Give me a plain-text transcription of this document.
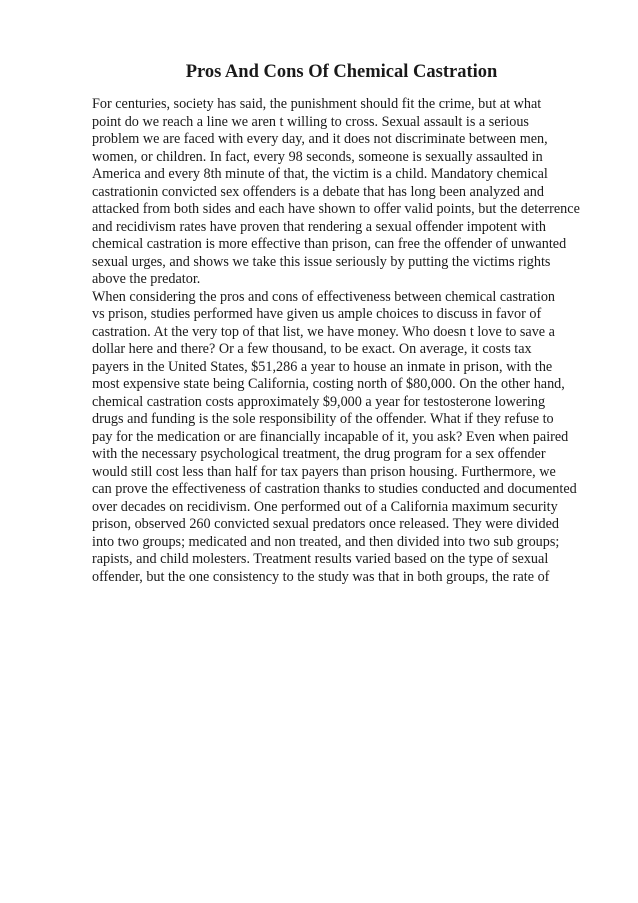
Pros And Cons Of Chemical Castration
For centuries, society has said, the punishment should fit the crime, but at what
point do we reach a line we aren t willing to cross. Sexual assault is a serious
problem we are faced with every day, and it does not discriminate between men,
women, or children. In fact, every 98 seconds, someone is sexually assaulted in
America and every 8th minute of that, the victim is a child. Mandatory chemical
castrationin convicted sex offenders is a debate that has long been analyzed and
attacked from both sides and each have shown to offer valid points, but the deterrence
and recidivism rates have proven that rendering a sexual offender impotent with
chemical castration is more effective than prison, can free the offender of unwanted
sexual urges, and shows we take this issue seriously by putting the victims rights
above the predator.
When considering the pros and cons of effectiveness between chemical castration
vs prison, studies performed have given us ample choices to discuss in favor of
castration. At the very top of that list, we have money. Who doesn t love to save a
dollar here and there? Or a few thousand, to be exact. On average, it costs tax
payers in the United States, $51,286 a year to house an inmate in prison, with the
most expensive state being California, costing north of $80,000. On the other hand,
chemical castration costs approximately $9,000 a year for testosterone lowering
drugs and funding is the sole responsibility of the offender. What if they refuse to
pay for the medication or are financially incapable of it, you ask? Even when paired
with the necessary psychological treatment, the drug program for a sex offender
would still cost less than half for tax payers than prison housing. Furthermore, we
can prove the effectiveness of castration thanks to studies conducted and documented
over decades on recidivism. One performed out of a California maximum security
prison, observed 260 convicted sexual predators once released. They were divided
into two groups; medicated and non treated, and then divided into two sub groups;
rapists, and child molesters. Treatment results varied based on the type of sexual
offender, but the one consistency to the study was that in both groups, the rate of
